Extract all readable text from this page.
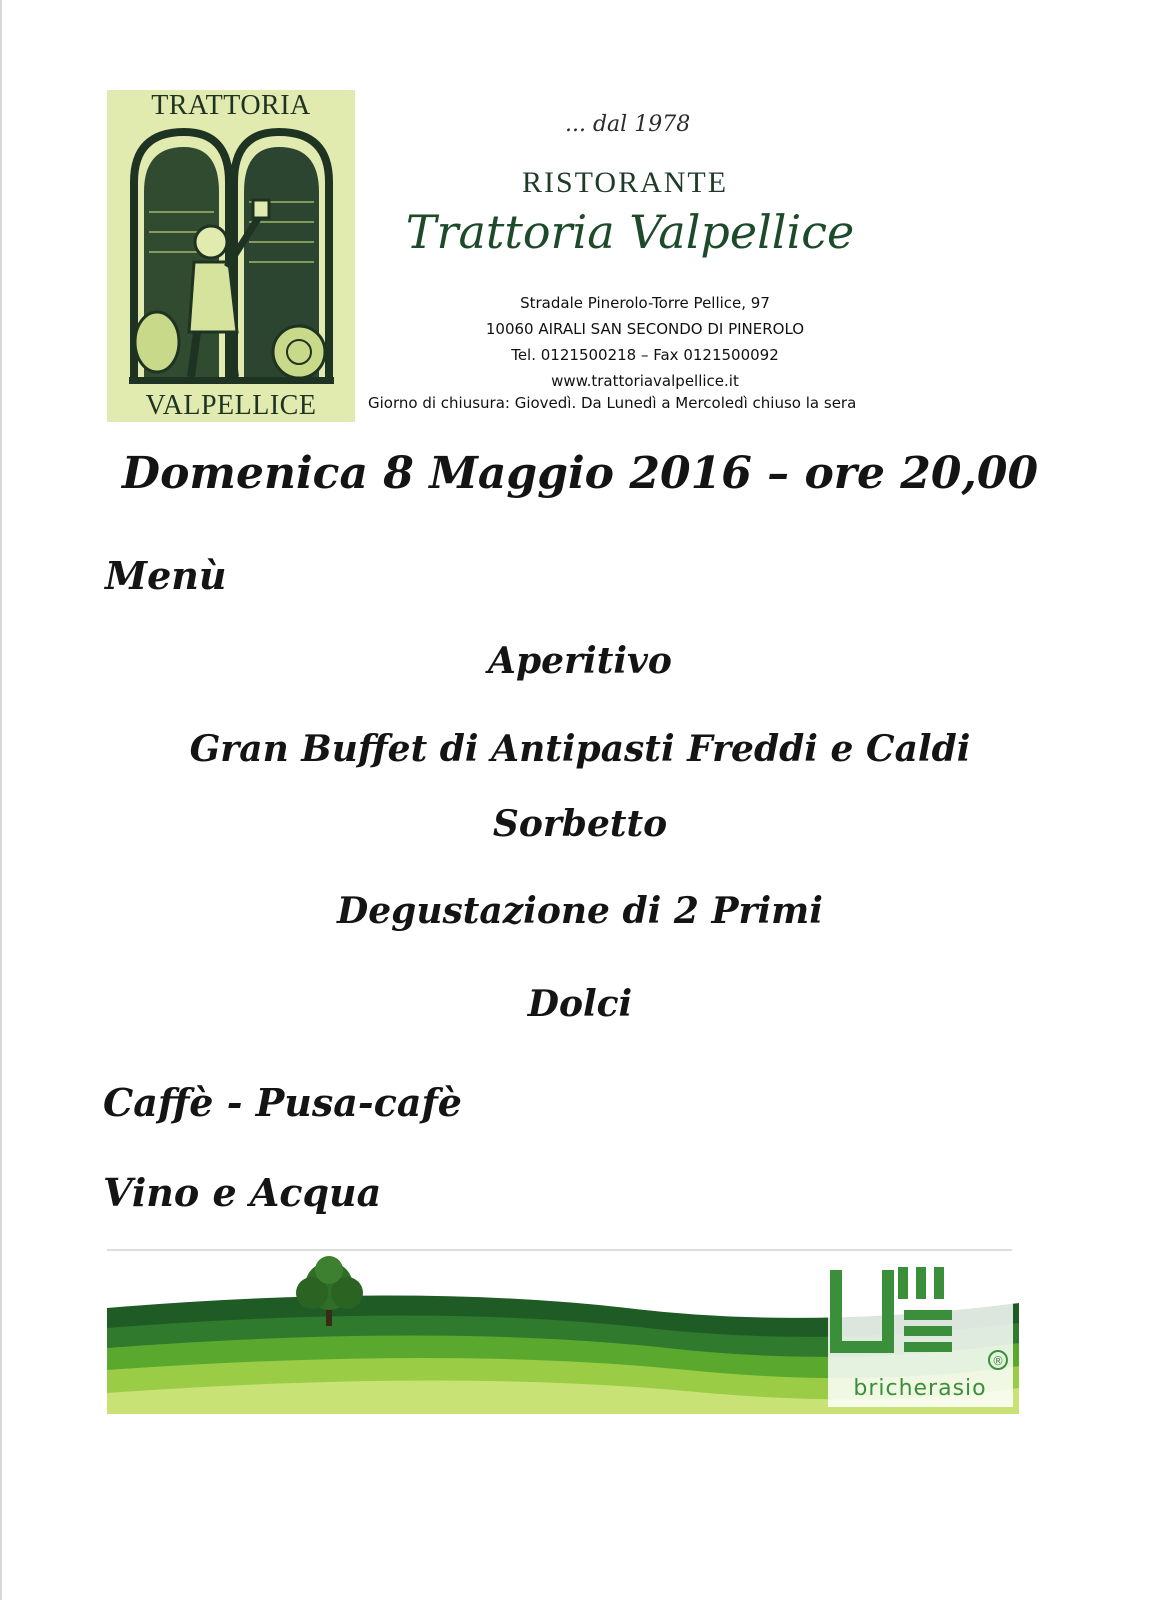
TRATTORIA
VALPELLICE
... dal 1978
RISTORANTE
Trattoria Valpellice
Stradale Pinerolo-Torre Pellice, 97
10060 AIRALI SAN SECONDO DI PINEROLO
Tel. 0121500218 – Fax 0121500092
www.trattoriavalpellice.it
Giorno di chiusura: Giovedì. Da Lunedì a Mercoledì chiuso la sera
Domenica 8 Maggio 2016 – ore 20,00
Menù
Aperitivo
Gran Buffet di Antipasti Freddi e Caldi
Sorbetto
Degustazione di 2 Primi
Dolci
Caffè - Pusa-cafè
Vino e Acqua
®
bricherasio
